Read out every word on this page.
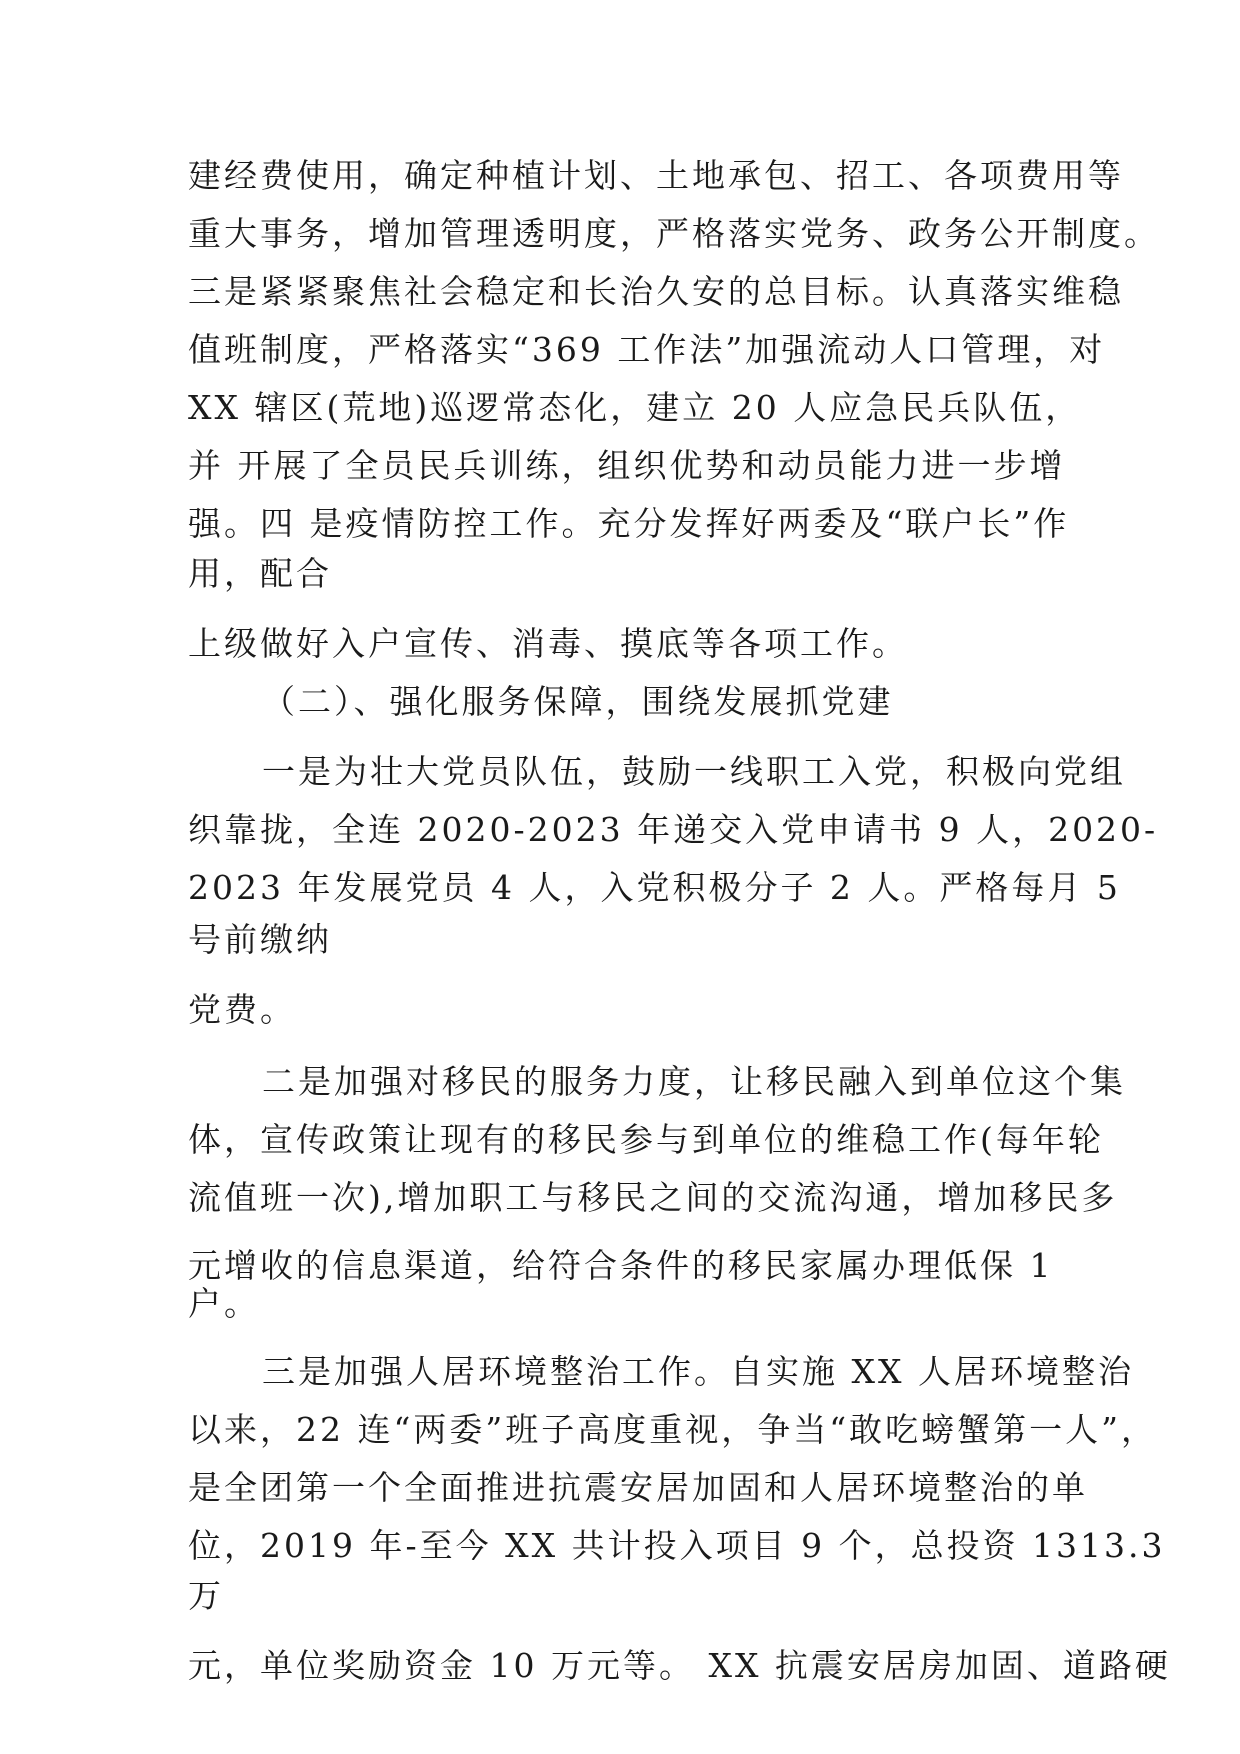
建经费使用，确定种植计划、土地承包、招工、各项费用等
重大事务，增加管理透明度，严格落实党务、政务公开制度。
三是紧紧聚焦社会稳定和长治久安的总目标。认真落实维稳
值班制度，严格落实“369 工作法”加强流动人口管理，对
XX 辖区(荒地)巡逻常态化，建立 20 人应急民兵队伍，
并 开展了全员民兵训练，组织优势和动员能力进一步增
强。四 是疫情防控工作。充分发挥好两委及“联户长”作
用，配合
上级做好入户宣传、消毒、摸底等各项工作。
（二）、强化服务保障，围绕发展抓党建
一是为壮大党员队伍，鼓励一线职工入党，积极向党组
织靠拢，全连 2020-2023 年递交入党申请书 9 人，2020-
2023 年发展党员 4 人，入党积极分子 2 人。严格每月 5
号前缴纳
党费。
二是加强对移民的服务力度，让移民融入到单位这个集
体，宣传政策让现有的移民参与到单位的维稳工作(每年轮
流值班一次),增加职工与移民之间的交流沟通，增加移民多
元增收的信息渠道，给符合条件的移民家属办理低保 1
户。
三是加强人居环境整治工作。自实施 XX 人居环境整治
以来，22 连“两委”班子高度重视，争当“敢吃螃蟹第一人”，
是全团第一个全面推进抗震安居加固和人居环境整治的单
位，2019 年-至今 XX 共计投入项目 9 个，总投资 1313.3
万
元，单位奖励资金 10 万元等。 XX 抗震安居房加固、道路硬
